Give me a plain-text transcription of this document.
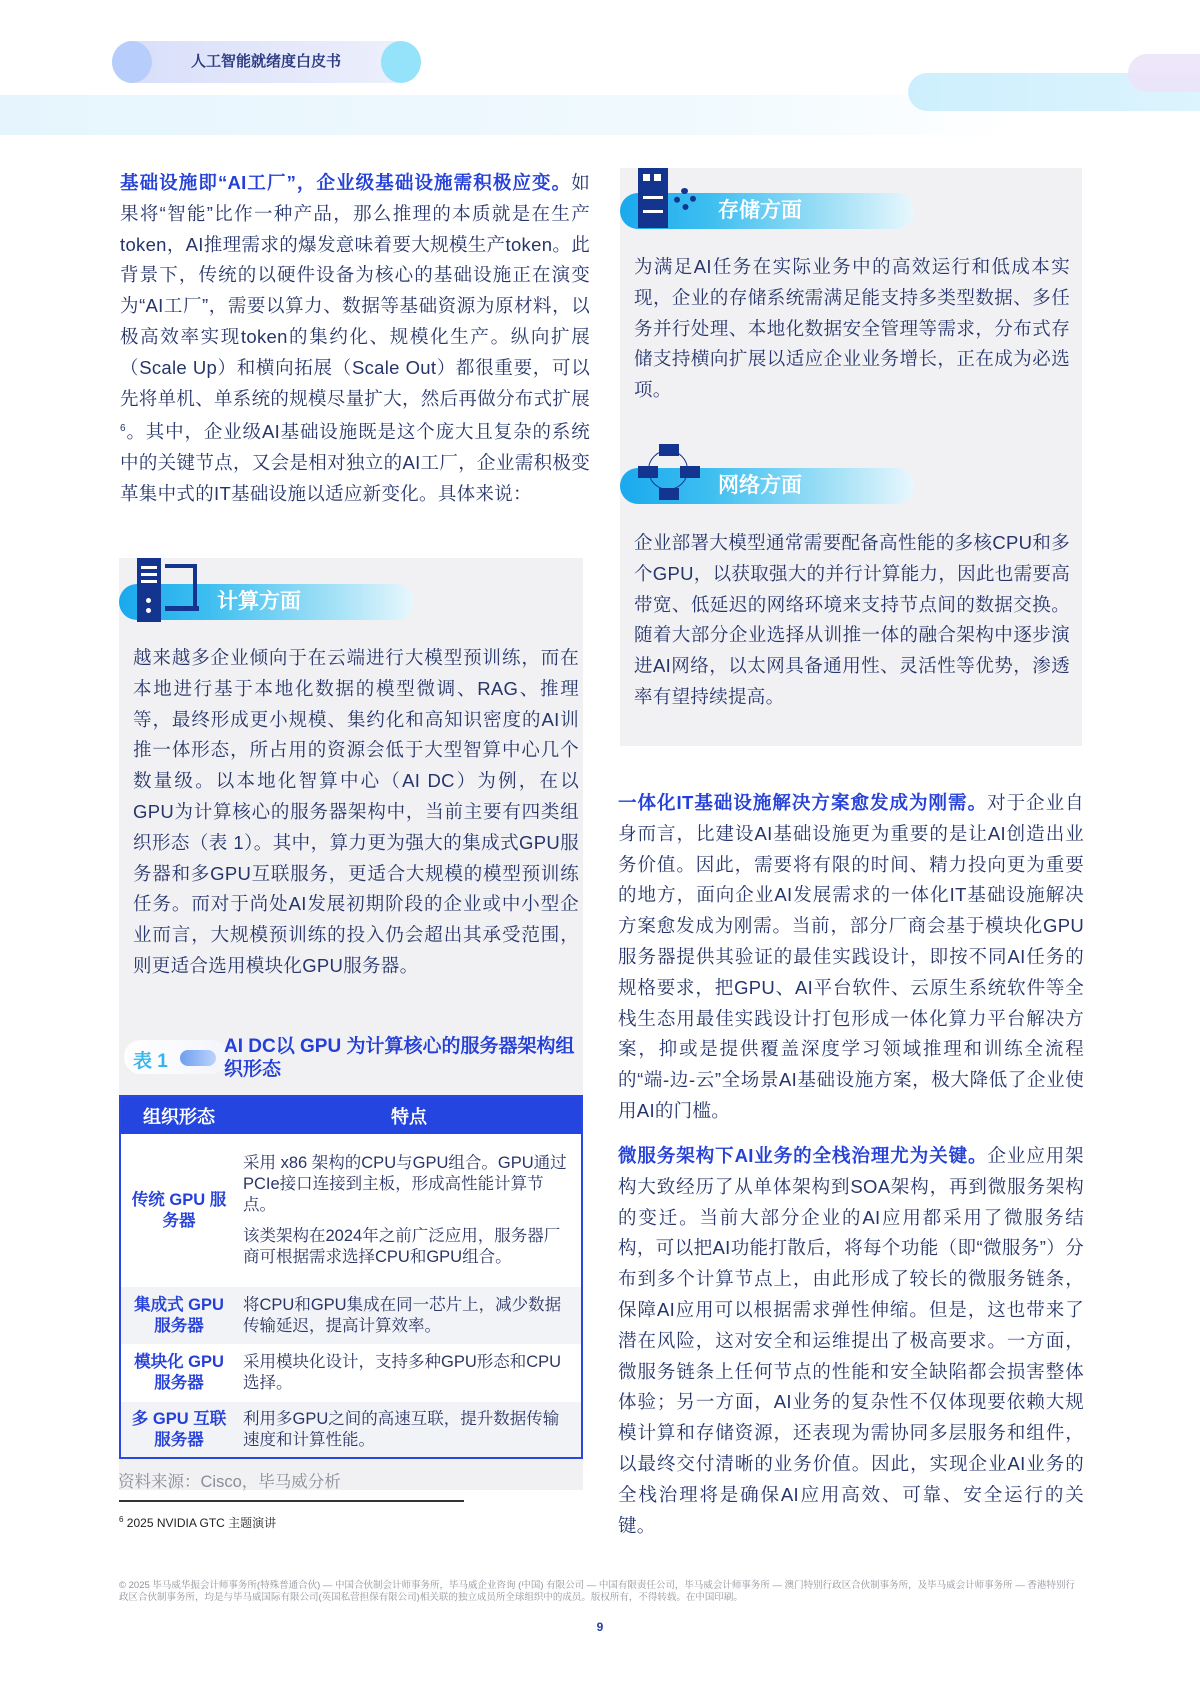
人工智能就绪度白皮书
基础设施即“AI工厂”，企业级基础设施需积极应变。如果将“智能”比作一种产品，那么推理的本质就是在生产token，AI推理需求的爆发意味着要大规模生产token。此背景下，传统的以硬件设备为核心的基础设施正在演变为“AI工厂”，需要以算力、数据等基础资源为原材料，以极高效率实现token的集约化、规模化生产。纵向扩展（Scale Up）和横向拓展（Scale Out）都很重要，可以先将单机、单系统的规模尽量扩大，然后再做分布式扩展$^6$。其中，企业级AI基础设施既是这个庞大且复杂的系统中的关键节点，又会是相对独立的AI工厂，企业需积极变革集中式的IT基础设施以适应新变化。具体来说：
计算方面
越来越多企业倾向于在云端进行大模型预训练，而在本地进行基于本地化数据的模型微调、RAG、推理等，最终形成更小规模、集约化和高知识密度的AI训推一体形态，所占用的资源会低于大型智算中心几个数量级。以本地化智算中心（AI DC）为例，在以GPU为计算核心的服务器架构中，当前主要有四类组织形态（表 1）。其中，算力更为强大的集成式GPU服务器和多GPU互联服务，更适合大规模的模型预训练任务。而对于尚处AI发展初期阶段的企业或中小型企业而言，大规模预训练的投入仍会超出其承受范围，则更适合选用模块化GPU服务器。
表 1
AI DC以 GPU 为计算核心的服务器架构组织形态
组织形态	特点
传统 GPU 服务器	采用 x86 架构的CPU与GPU组合。GPU通过PCIe接口连接到主板，形成高性能计算节点。
该类架构在2024年之前广泛应用，服务器厂商可根据需求选择CPU和GPU组合。

集成式 GPU 服务器	将CPU和GPU集成在同一芯片上，减少数据传输延迟，提高计算效率。
模块化 GPU 服务器	采用模块化设计，支持多种GPU形态和CPU选择。
多 GPU 互联服务器	利用多GPU之间的高速互联，提升数据传输速度和计算性能。
资料来源：Cisco，毕马威分析
$^6$ 2025 NVIDIA GTC 主题演讲
存储方面
为满足AI任务在实际业务中的高效运行和低成本实现，企业的存储系统需满足能支持多类型数据、多任务并行处理、本地化数据安全管理等需求，分布式存储支持横向扩展以适应企业业务增长，正在成为必选项。
网络方面
企业部署大模型通常需要配备高性能的多核CPU和多个GPU，以获取强大的并行计算能力，因此也需要高带宽、低延迟的网络环境来支持节点间的数据交换。随着大部分企业选择从训推一体的融合架构中逐步演进AI网络，以太网具备通用性、灵活性等优势，渗透率有望持续提高。
一体化IT基础设施解决方案愈发成为刚需。对于企业自身而言，比建设AI基础设施更为重要的是让AI创造出业务价值。因此，需要将有限的时间、精力投向更为重要的地方，面向企业AI发展需求的一体化IT基础设施解决方案愈发成为刚需。当前，部分厂商会基于模块化GPU服务器提供其验证的最佳实践设计，即按不同AI任务的规格要求，把GPU、AI平台软件、云原生系统软件等全栈生态用最佳实践设计打包形成一体化算力平台解决方案，抑或是提供覆盖深度学习领域推理和训练全流程的“端-边-云”全场景AI基础设施方案，极大降低了企业使用AI的门槛。
微服务架构下AI业务的全栈治理尤为关键。企业应用架构大致经历了从单体架构到SOA架构，再到微服务架构的变迁。当前大部分企业的AI应用都采用了微服务结构，可以把AI功能打散后，将每个功能（即“微服务”）分布到多个计算节点上，由此形成了较长的微服务链条，保障AI应用可以根据需求弹性伸缩。但是，这也带来了潜在风险，这对安全和运维提出了极高要求。一方面，微服务链条上任何节点的性能和安全缺陷都会损害整体体验；另一方面，AI业务的复杂性不仅体现要依赖大规模计算和存储资源，还表现为需协同多层服务和组件，以最终交付清晰的业务价值。因此，实现企业AI业务的全栈治理将是确保AI应用高效、可靠、安全运行的关键。
© 2025 毕马威华振会计师事务所(特殊普通合伙) — 中国合伙制会计师事务所，毕马威企业咨询 (中国) 有限公司 — 中国有限责任公司，毕马威会计师事务所 — 澳门特别行政区合伙制事务所，及毕马威会计师事务所 — 香港特别行政区合伙制事务所，均是与毕马威国际有限公司(英国私营担保有限公司)相关联的独立成员所全球组织中的成员。版权所有，不得转载。在中国印刷。
9
